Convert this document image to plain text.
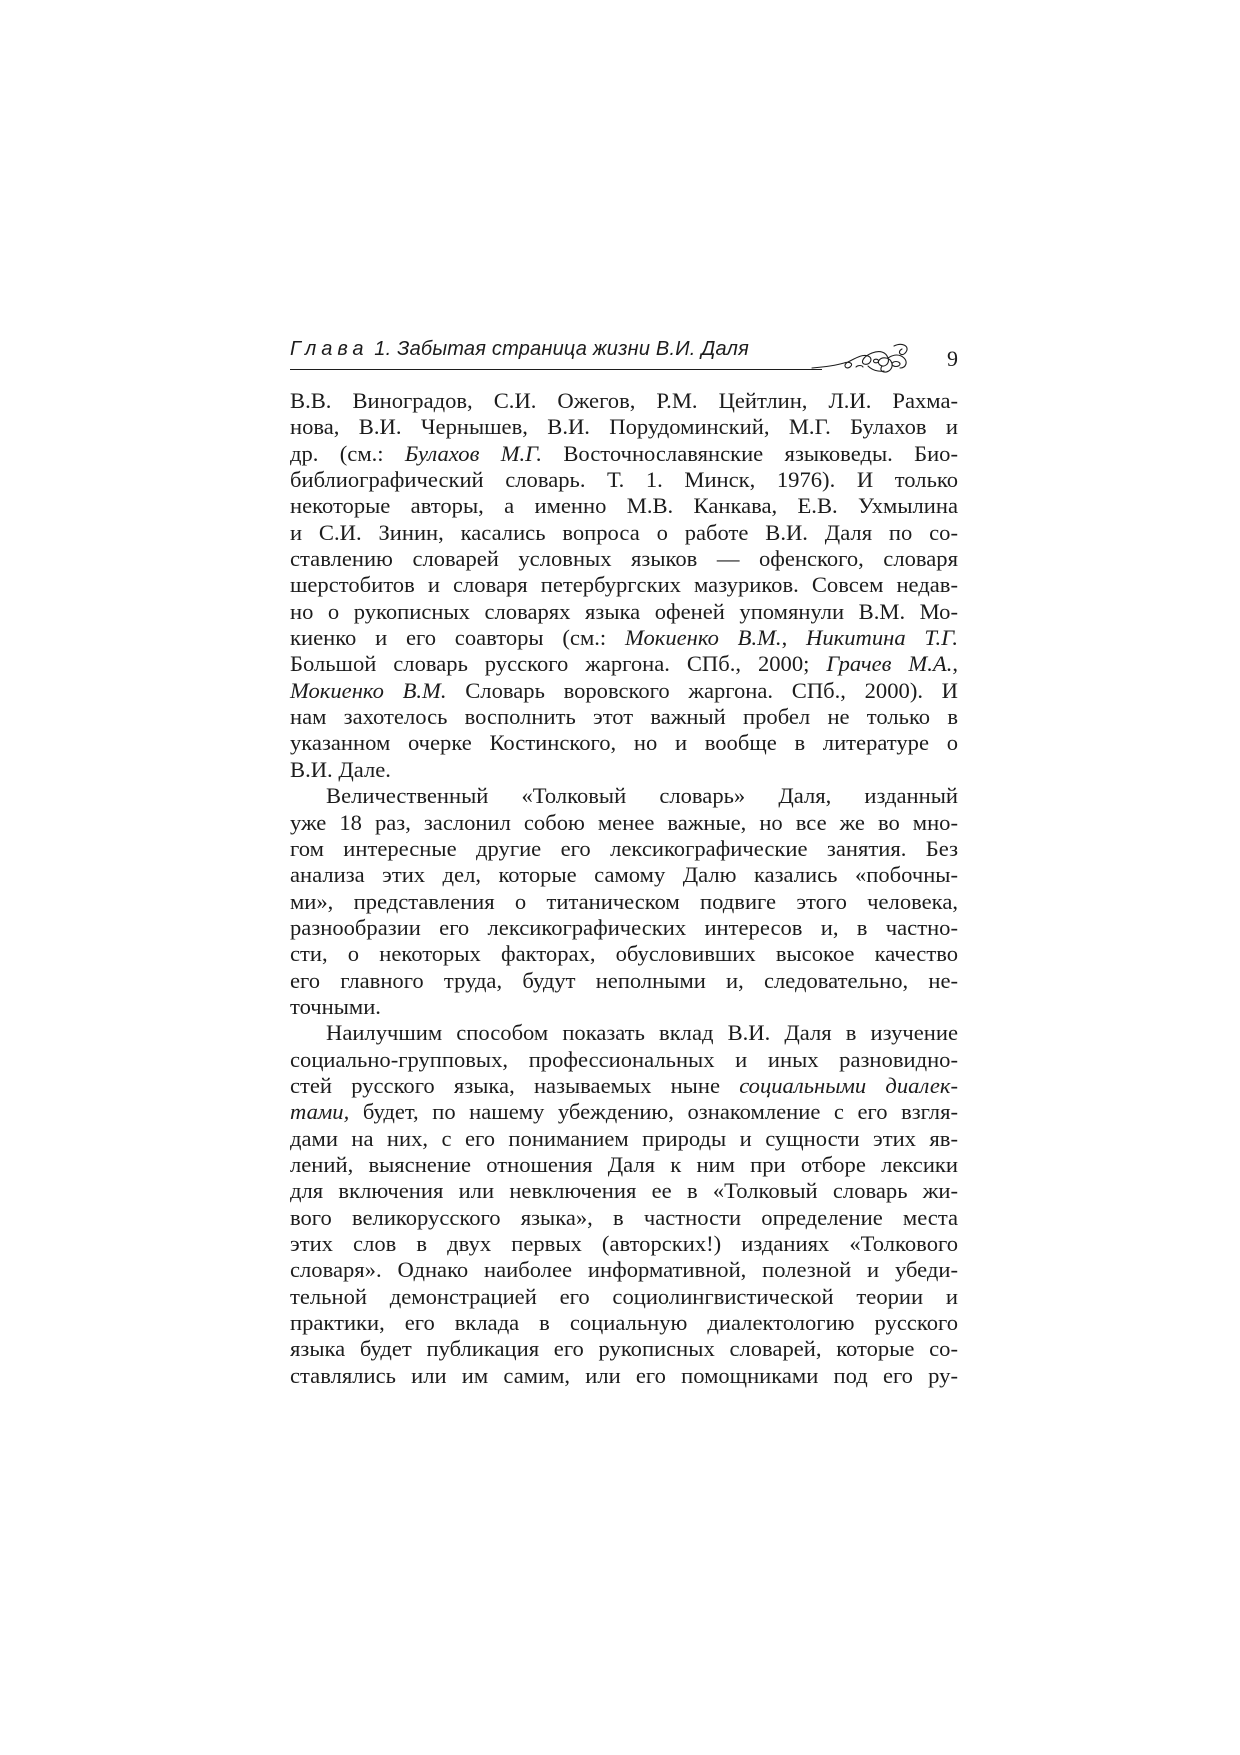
Глава 1. Забытая страница жизни В.И. Даля	9

В.В. Виноградов, С.И. Ожегов, Р.М. Цейтлин, Л.И. Рахма-
нова, В.И. Чернышев, В.И. Порудоминский, М.Г. Булахов и
др. (см.: Булахов М.Г. Восточнославянские языковеды. Био-
библиографический словарь. Т. 1. Минск, 1976). И только
некоторые авторы, а именно М.В. Канкава, Е.В. Ухмылина
и С.И. Зинин, касались вопроса о работе В.И. Даля по со-
ставлению словарей условных языков — офенского, словаря
шерстобитов и словаря петербургских мазуриков. Совсем недав-
но о рукописных словарях языка офеней упомянули В.М. Мо-
киенко и его соавторы (см.: Мокиенко В.М., Никитина Т.Г.
Большой словарь русского жаргона. СПб., 2000; Грачев М.А.,
Мокиенко В.М. Словарь воровского жаргона. СПб., 2000). И
нам захотелось восполнить этот важный пробел не только в
указанном очерке Костинского, но и вообще в литературе о
В.И. Дале.

Величественный «Толковый словарь» Даля, изданный
уже 18 раз, заслонил собою менее важные, но все же во мно-
гом интересные другие его лексикографические занятия. Без
анализа этих дел, которые самому Далю казались «побочны-
ми», представления о титаническом подвиге этого человека,
разнообразии его лексикографических интересов и, в частно-
сти, о некоторых факторах, обусловивших высокое качество
его главного труда, будут неполными и, следовательно, не-
точными.

Наилучшим способом показать вклад В.И. Даля в изучение
социально-групповых, профессиональных и иных разновидно-
стей русского языка, называемых ныне социальными диалек-
тами, будет, по нашему убеждению, ознакомление с его взгля-
дами на них, с его пониманием природы и сущности этих яв-
лений, выяснение отношения Даля к ним при отборе лексики
для включения или невключения ее в «Толковый словарь жи-
вого великорусского языка», в частности определение места
этих слов в двух первых (авторских!) изданиях «Толкового
словаря». Однако наиболее информативной, полезной и убеди-
тельной демонстрацией его социолингвистической теории и
практики, его вклада в социальную диалектологию русского
языка будет публикация его рукописных словарей, которые со-
ставлялись или им самим, или его помощниками под его ру-
